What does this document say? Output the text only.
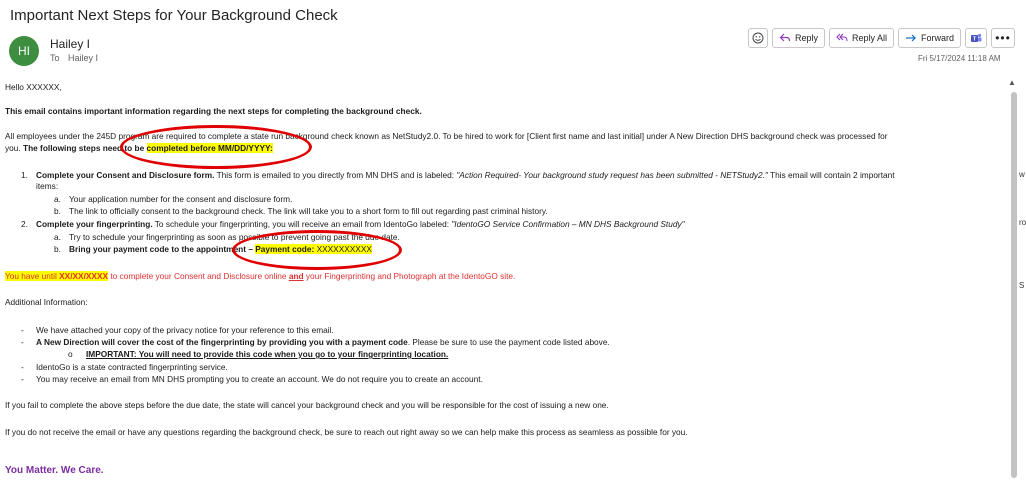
Important Next Steps for Your Background Check
HI	Hailey I
To Hailey I
Reply	Reply All	Forward	T	•••
Fri 5/17/2024 11:18 AM
▲
w
ro
S

Hello XXXXXX,

This email contains important information regarding the next steps for completing the background check.

All employees under the 245D program are required to complete a state run background check known as NetStudy2.0. To be hired to work for [Client first name and last initial] under A New Direction DHS background check was processed for

you. The following steps need to be completed before MM/DD/YYYY:

1. Complete your Consent and Disclosure form. This form is emailed to you directly from MN DHS and is labeled: "Action Required- Your background study request has been submitted - NETStudy2." This email will contain 2 important

items:

a. Your application number for the consent and disclosure form.

b. The link to officially consent to the background check. The link will take you to a short form to fill out regarding past criminal history.

2. Complete your fingerprinting. To schedule your fingerprinting, you will receive an email from IdentoGo labeled: "IdentoGO Service Confirmation – MN DHS Background Study"

a. Try to schedule your fingerprinting as soon as possible to prevent going past the due date.

b. Bring your payment code to the appointment – Payment code: XXXXXXXXXX

You have until XX/XX/XXXX to complete your Consent and Disclosure online and your Fingerprinting and Photograph at the IdentoGO site.

Additional Information:

- We have attached your copy of the privacy notice for your reference to this email.

- A New Direction will cover the cost of the fingerprinting by providing you with a payment code. Please be sure to use the payment code listed above.

o IMPORTANT: You will need to provide this code when you go to your fingerprinting location.

- IdentoGo is a state contracted fingerprinting service.

- You may receive an email from MN DHS prompting you to create an account. We do not require you to create an account.

If you fail to complete the above steps before the due date, the state will cancel your background check and you will be responsible for the cost of issuing a new one.

If you do not receive the email or have any questions regarding the background check, be sure to reach out right away so we can help make this process as seamless as possible for you.

You Matter. We Care.
